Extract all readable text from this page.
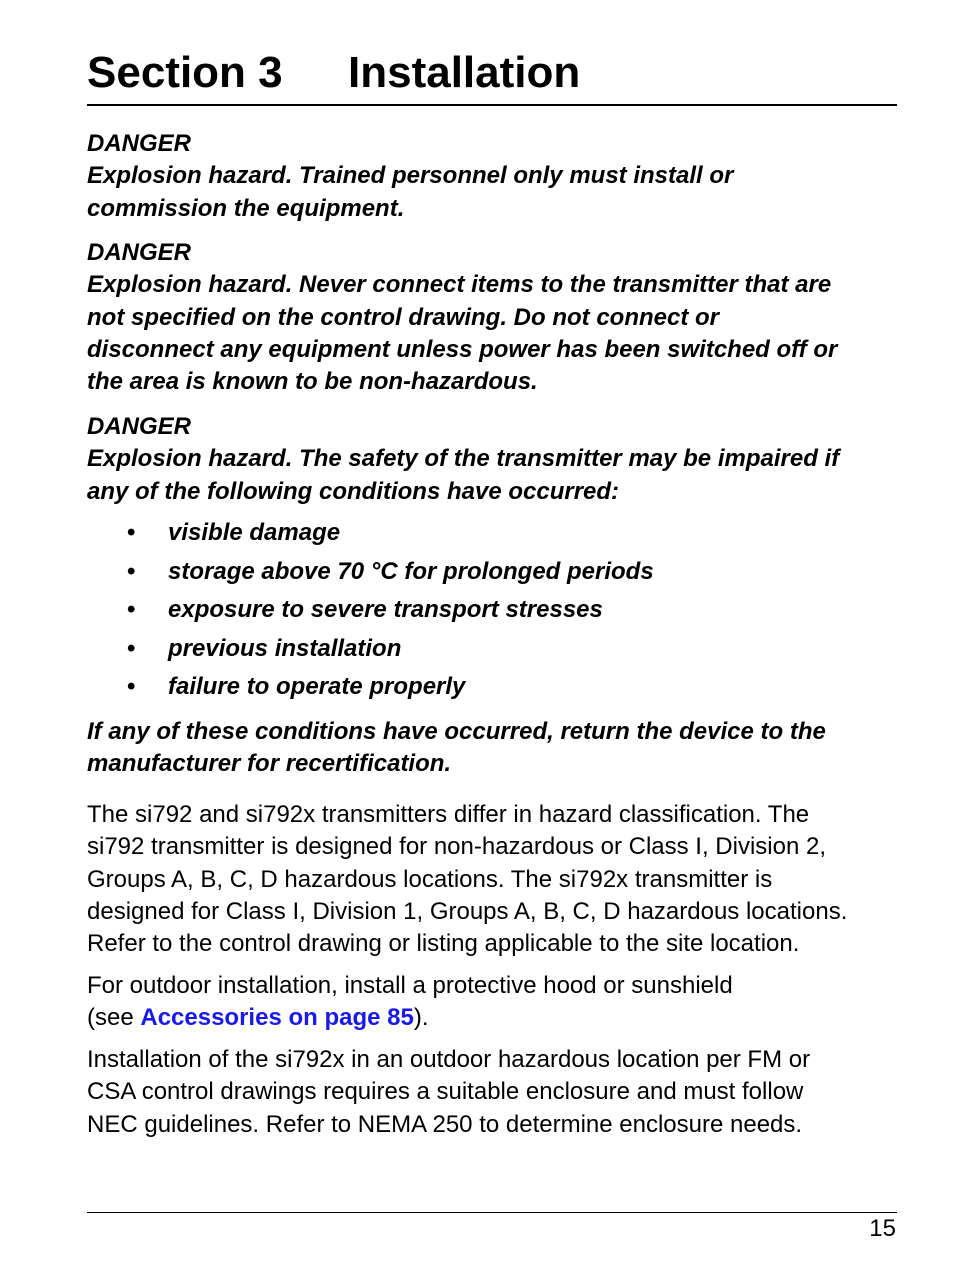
Section 3 Installation

DANGER

Explosion hazard. Trained personnel only must install or

commission the equipment.

DANGER

Explosion hazard. Never connect items to the transmitter that are

not specified on the control drawing. Do not connect or

disconnect any equipment unless power has been switched off or

the area is known to be non-hazardous.

DANGER

Explosion hazard. The safety of the transmitter may be impaired if

any of the following conditions have occurred:

• visible damage
• storage above 70 °C for prolonged periods
• exposure to severe transport stresses
• previous installation
• failure to operate properly

If any of these conditions have occurred, return the device to the

manufacturer for recertification.

The si792 and si792x transmitters differ in hazard classification. The
si792 transmitter is designed for non-hazardous or Class I, Division 2,
Groups A, B, C, D hazardous locations. The si792x transmitter is
designed for Class I, Division 1, Groups A, B, C, D hazardous locations.
Refer to the control drawing or listing applicable to the site location.
For outdoor installation, install a protective hood or sunshield
(see Accessories on page 85).
Installation of the si792x in an outdoor hazardous location per FM or
CSA control drawings requires a suitable enclosure and must follow
NEC guidelines. Refer to NEMA 250 to determine enclosure needs.
15
